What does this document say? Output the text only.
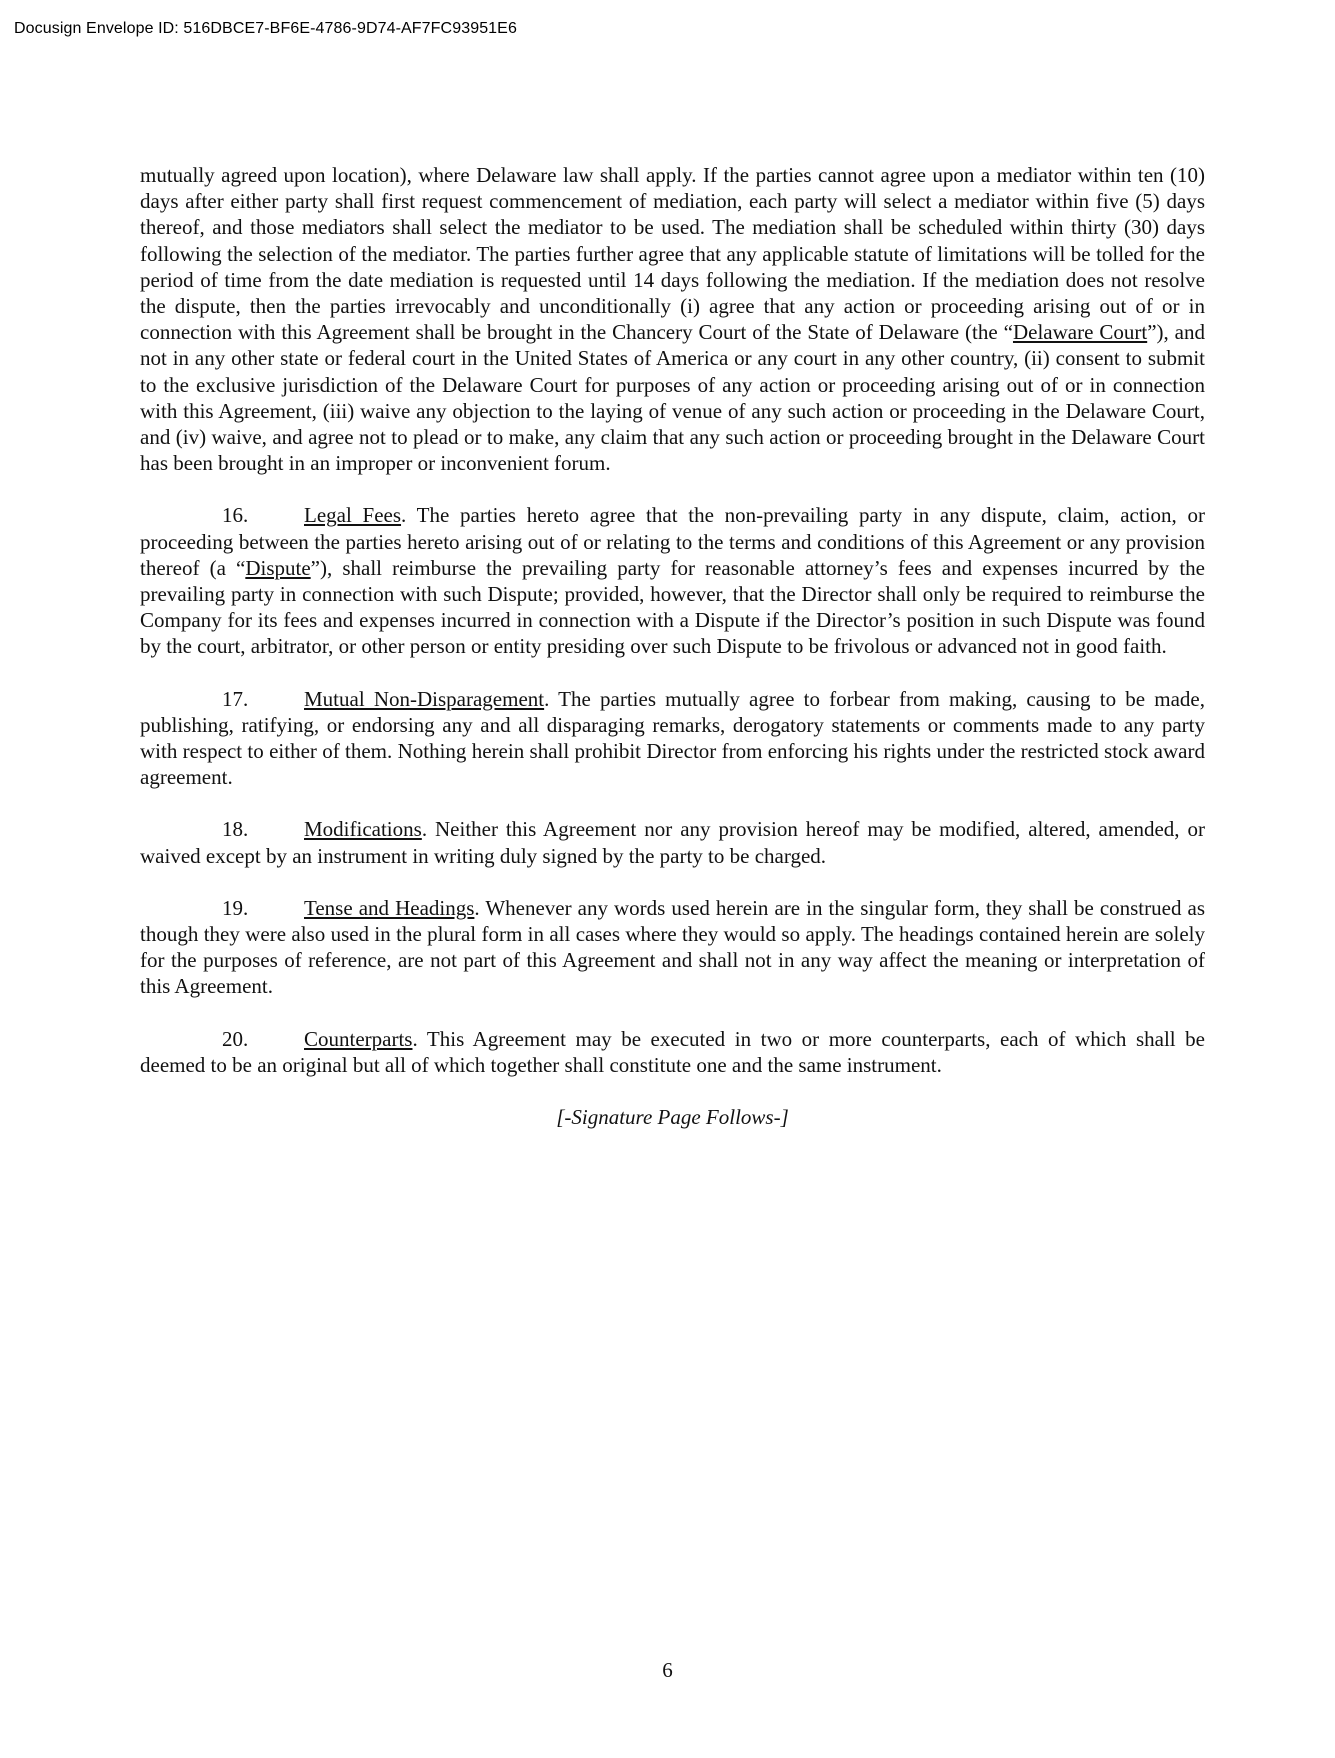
Docusign Envelope ID: 516DBCE7-BF6E-4786-9D74-AF7FC93951E6

mutually agreed upon location), where Delaware law shall apply. If the parties cannot agree upon a mediator within ten (10) days after either party shall first request commencement of mediation, each party will select a mediator within five (5) days thereof, and those mediators shall select the mediator to be used. The mediation shall be scheduled within thirty (30) days following the selection of the mediator. The parties further agree that any applicable statute of limitations will be tolled for the period of time from the date mediation is requested until 14 days following the mediation. If the mediation does not resolve the dispute, then the parties irrevocably and unconditionally (i) agree that any action or proceeding arising out of or in connection with this Agreement shall be brought in the Chancery Court of the State of Delaware (the “Delaware Court”), and not in any other state or federal court in the United States of America or any court in any other country, (ii) consent to submit to the exclusive jurisdiction of the Delaware Court for purposes of any action or proceeding arising out of or in connection with this Agreement, (iii) waive any objection to the laying of venue of any such action or proceeding in the Delaware Court, and (iv) waive, and agree not to plead or to make, any claim that any such action or proceeding brought in the Delaware Court has been brought in an improper or inconvenient forum.

16.	Legal Fees. The parties hereto agree that the non-prevailing party in any dispute, claim, action, or proceeding between the parties hereto arising out of or relating to the terms and conditions of this Agreement or any provision thereof (a “Dispute”), shall reimburse the prevailing party for reasonable attorney’s fees and expenses incurred by the prevailing party in connection with such Dispute; provided, however, that the Director shall only be required to reimburse the Company for its fees and expenses incurred in connection with a Dispute if the Director’s position in such Dispute was found by the court, arbitrator, or other person or entity presiding over such Dispute to be frivolous or advanced not in good faith.

17.	Mutual Non-Disparagement. The parties mutually agree to forbear from making, causing to be made, publishing, ratifying, or endorsing any and all disparaging remarks, derogatory statements or comments made to any party with respect to either of them. Nothing herein shall prohibit Director from enforcing his rights under the restricted stock award agreement.

18.	Modifications. Neither this Agreement nor any provision hereof may be modified, altered, amended, or waived except by an instrument in writing duly signed by the party to be charged.

19.	Tense and Headings. Whenever any words used herein are in the singular form, they shall be construed as though they were also used in the plural form in all cases where they would so apply. The headings contained herein are solely for the purposes of reference, are not part of this Agreement and shall not in any way affect the meaning or interpretation of this Agreement.

20.	Counterparts. This Agreement may be executed in two or more counterparts, each of which shall be deemed to be an original but all of which together shall constitute one and the same instrument.

[-Signature Page Follows-]

6
